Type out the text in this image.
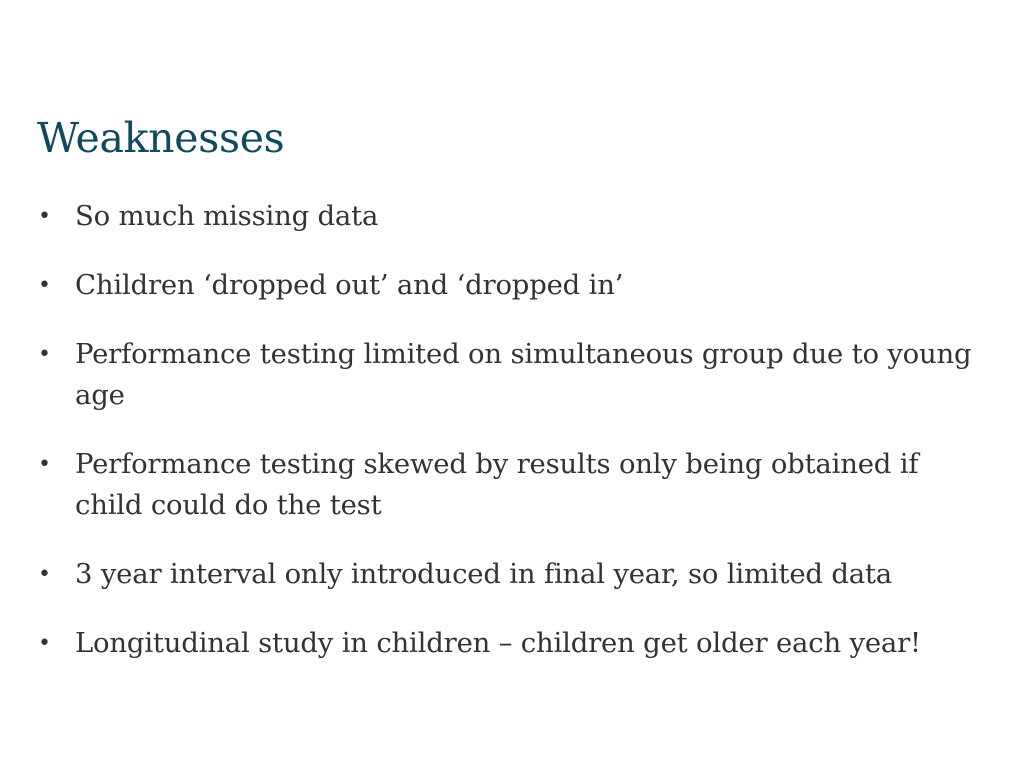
Weaknesses
• So much missing data
• Children ‘dropped out’ and ‘dropped in’
• Performance testing limited on simultaneous group due to young age
• Performance testing skewed by results only being obtained if child could do the test
• 3 year interval only introduced in final year, so limited data
• Longitudinal study in children – children get older each year!
